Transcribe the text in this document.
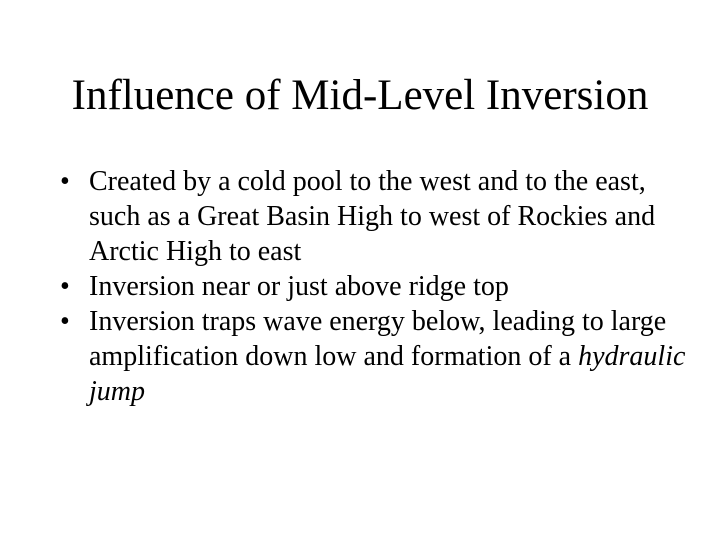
Influence of Mid-Level Inversion
• Created by a cold pool to the west and to the east, such as a Great Basin High to west of Rockies and Arctic High to east
• Inversion near or just above ridge top
• Inversion traps wave energy below, leading to large amplification down low and formation of a hydraulic jump
